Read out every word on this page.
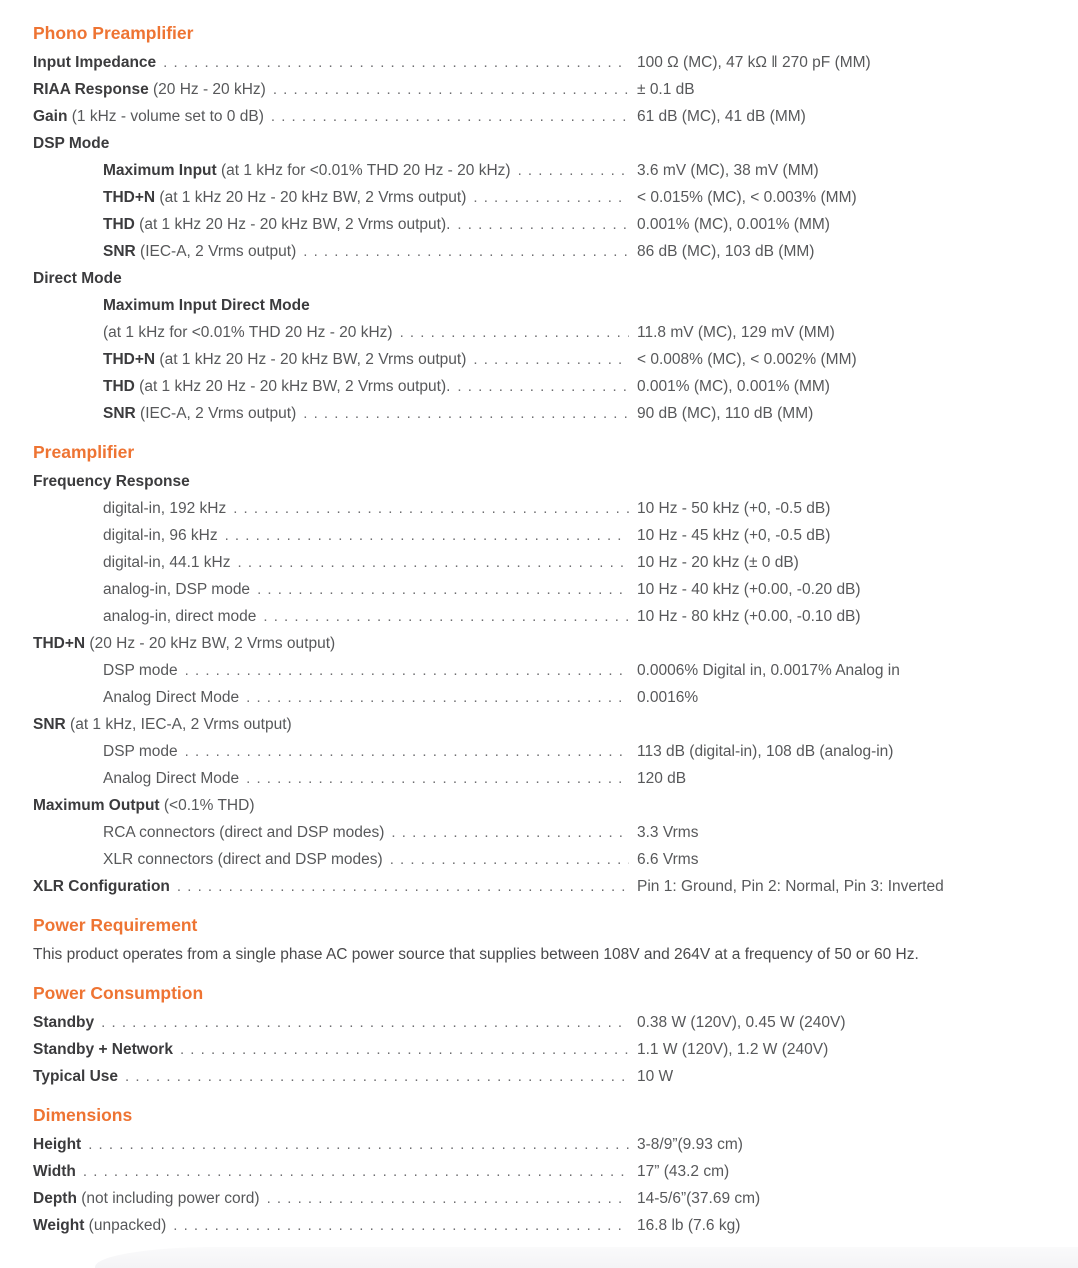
Phono Preamplifier
Input Impedance . . .	100 Ω (MC), 47 kΩ ‖ 270 pF (MM)
RIAA Response (20 Hz - 20 kHz) . . .	± 0.1 dB
Gain (1 kHz - volume set to 0 dB) . . .	61 dB (MC), 41 dB (MM)
DSP Mode
Maximum Input (at 1 kHz for <0.01% THD 20 Hz - 20 kHz) . . .	3.6 mV (MC), 38 mV (MM)
THD+N (at 1 kHz 20 Hz - 20 kHz BW, 2 Vrms output) . . .	< 0.015% (MC), < 0.003% (MM)
THD (at 1 kHz 20 Hz - 20 kHz BW, 2 Vrms output). . . .	0.001% (MC), 0.001% (MM)
SNR (IEC-A, 2 Vrms output) . . .	86 dB (MC), 103 dB (MM)
Direct Mode
Maximum Input Direct Mode
(at 1 kHz for <0.01% THD 20 Hz - 20 kHz) . . .	11.8 mV (MC), 129 mV (MM)
THD+N (at 1 kHz 20 Hz - 20 kHz BW, 2 Vrms output) . . .	< 0.008% (MC), < 0.002% (MM)
THD (at 1 kHz 20 Hz - 20 kHz BW, 2 Vrms output). . . .	0.001% (MC), 0.001% (MM)
SNR (IEC-A, 2 Vrms output) . . .	90 dB (MC), 110 dB (MM)
Preamplifier
Frequency Response
digital-in, 192 kHz . . .	10 Hz - 50 kHz (+0, -0.5 dB)
digital-in, 96 kHz . . .	10 Hz - 45 kHz (+0, -0.5 dB)
digital-in, 44.1 kHz . . .	10 Hz - 20 kHz (± 0 dB)
analog-in, DSP mode . . .	10 Hz - 40 kHz (+0.00, -0.20 dB)
analog-in, direct mode . . .	10 Hz - 80 kHz (+0.00, -0.10 dB)
THD+N (20 Hz - 20 kHz BW, 2 Vrms output)
DSP mode . . .	0.0006% Digital in, 0.0017% Analog in
Analog Direct Mode . . .	0.0016%
SNR (at 1 kHz, IEC-A, 2 Vrms output)
DSP mode . . .	113 dB (digital-in), 108 dB (analog-in)
Analog Direct Mode . . .	120 dB
Maximum Output (<0.1% THD)
RCA connectors (direct and DSP modes) . . .	3.3 Vrms
XLR connectors (direct and DSP modes) . . .	6.6 Vrms
XLR Configuration . . .	Pin 1: Ground, Pin 2: Normal, Pin 3: Inverted
Power Requirement

This product operates from a single phase AC power source that supplies between 108V and 264V at a frequency of 50 or 60 Hz.

Power Consumption
Standby . . .	0.38 W (120V), 0.45 W (240V)
Standby + Network . . .	1.1 W (120V), 1.2 W (240V)
Typical Use . . .	10 W
Dimensions
Height . . .	3-8/9”(9.93 cm)
Width . . .	17” (43.2 cm)
Depth (not including power cord) . . .	14-5/6”(37.69 cm)
Weight (unpacked) . . .	16.8 lb (7.6 kg)
